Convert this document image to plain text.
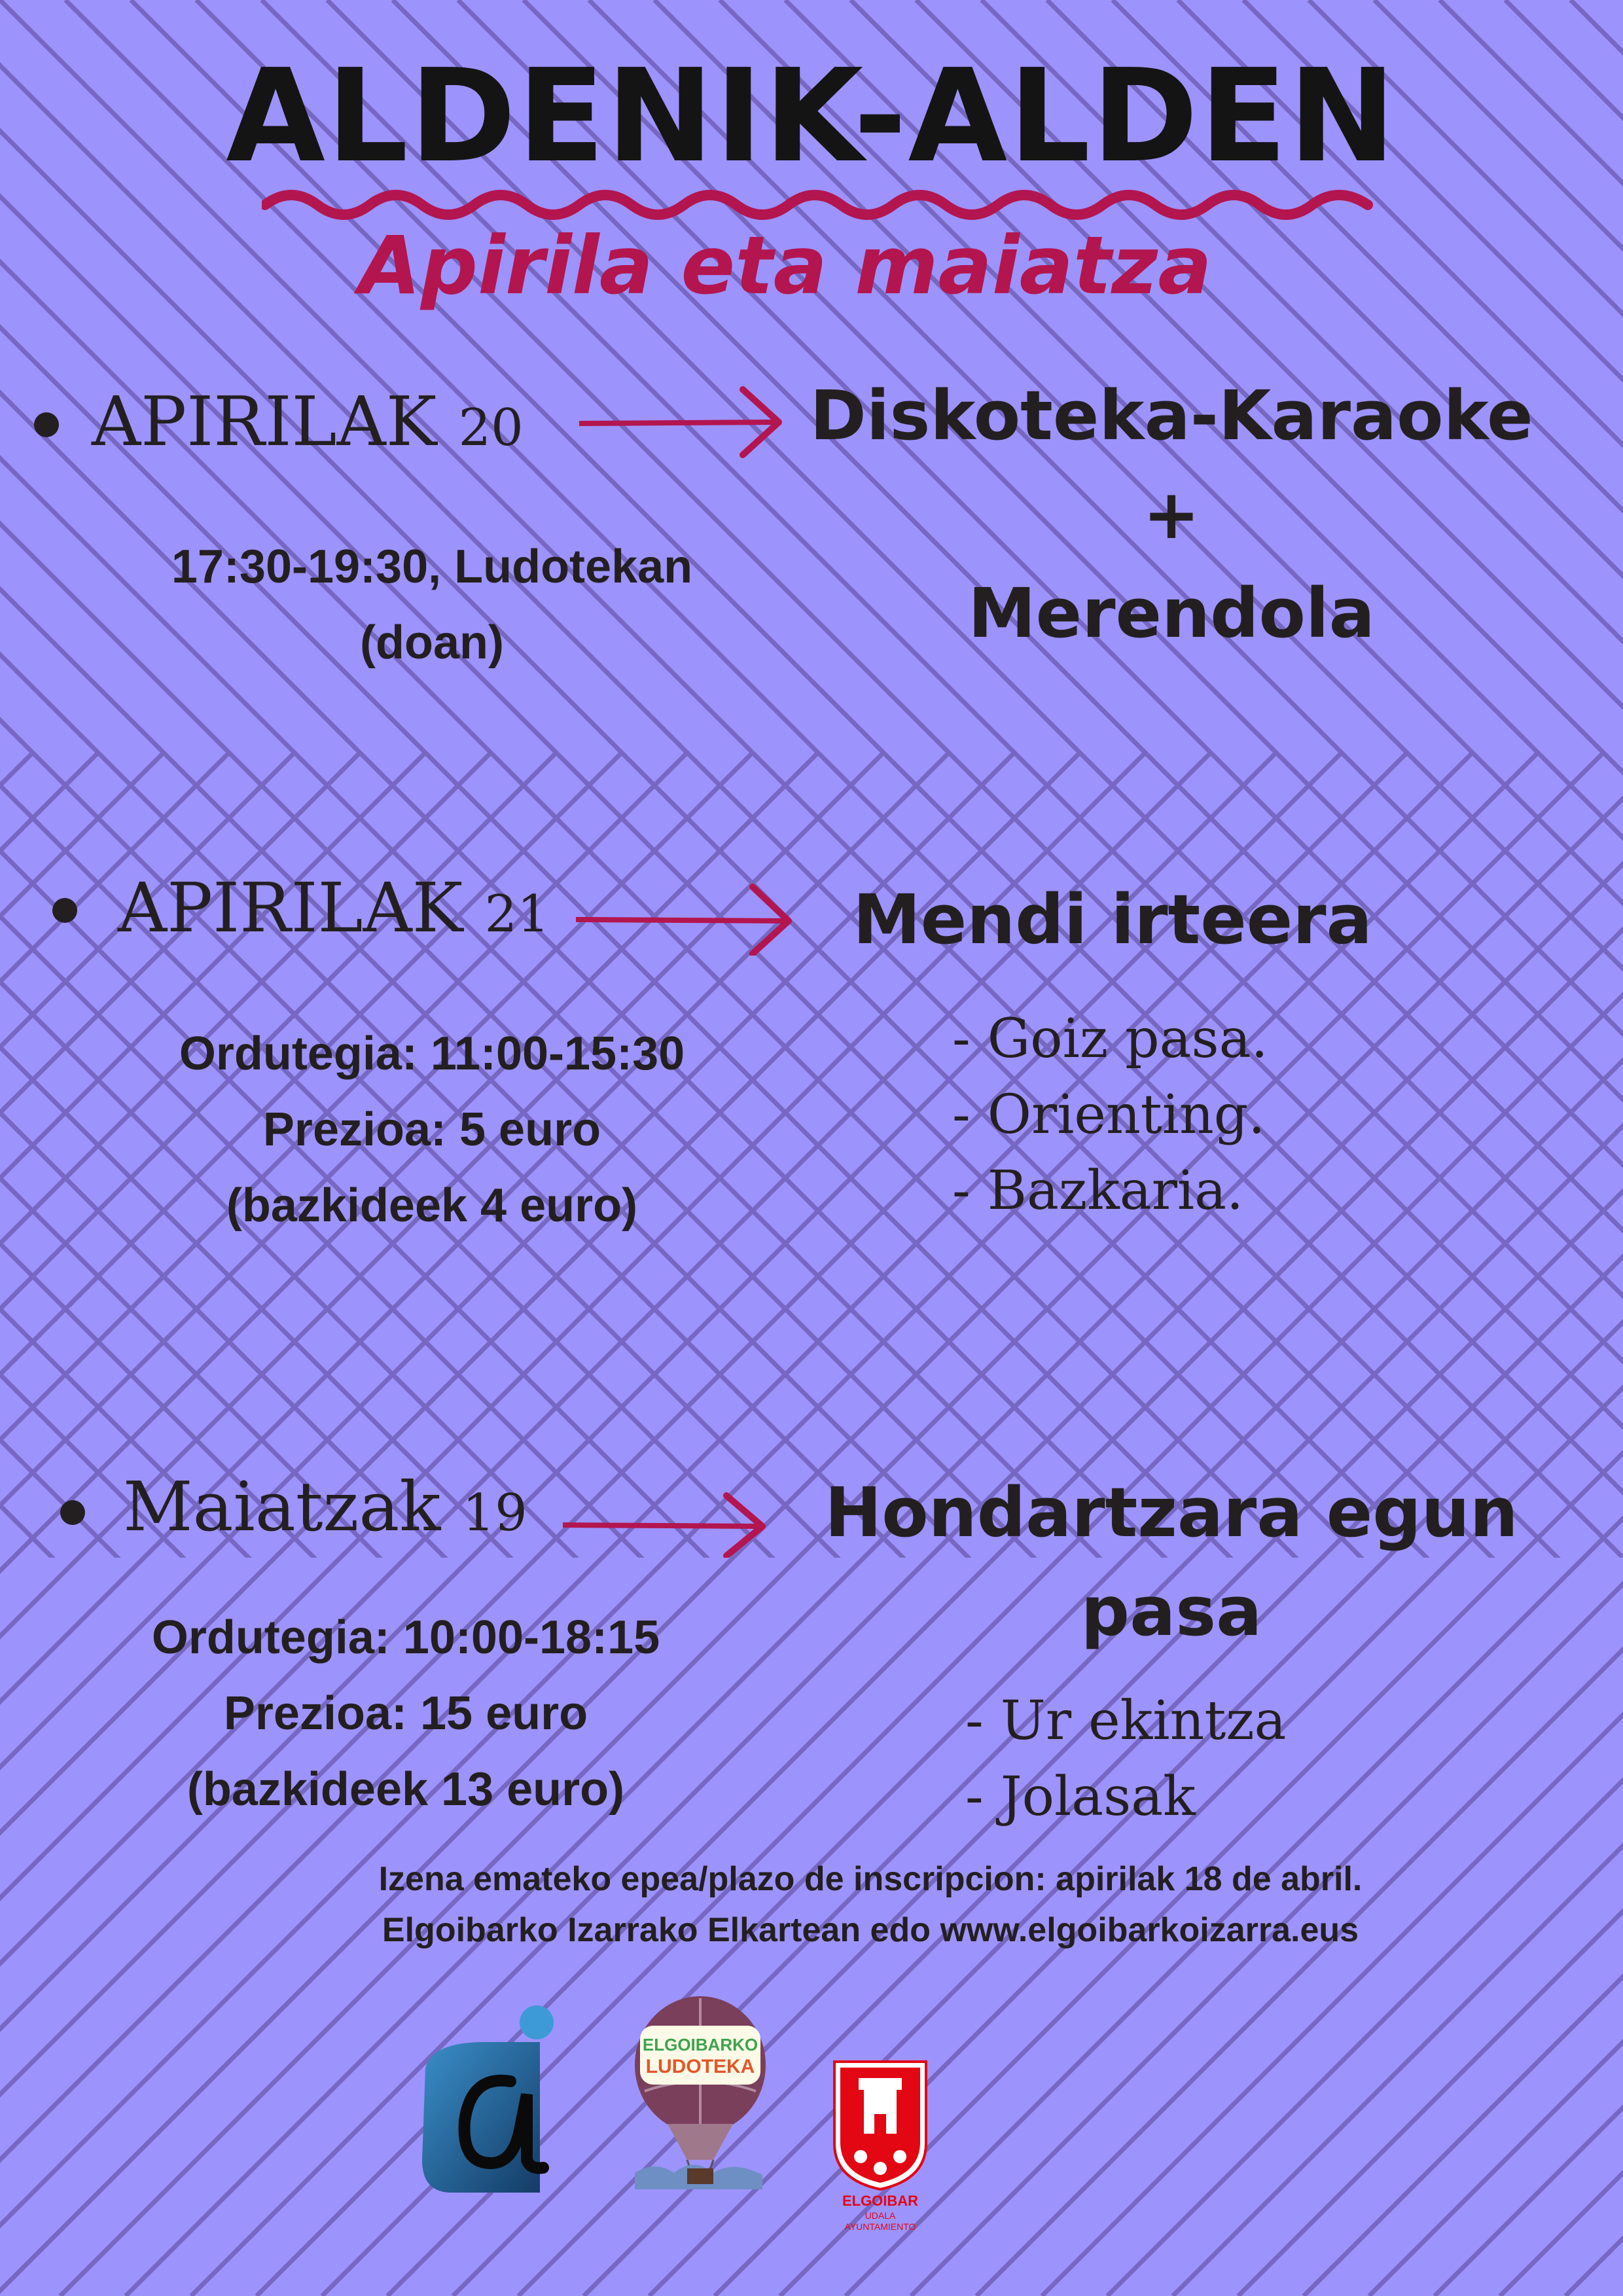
ALDENIK-ALDEN
Apirila eta maiatza
APIRILAK 20
17:30-19:30, Ludotekan
(doan)
Diskoteka-Karaoke
+
Merendola
APIRILAK 21
Ordutegia: 11:00-15:30
Prezioa: 5 euro
(bazkideek 4 euro)
Mendi irteera
- Goiz pasa.
- Orienting.
- Bazkaria.
Maiatzak 19
Ordutegia: 10:00-18:15
Prezioa: 15 euro
(bazkideek 13 euro)
Hondartzara egun
pasa
- Ur ekintza
- Jolasak
Izena emateko epea/plazo de inscripcion: apirilak 18 de abril.
Elgoibarko Izarrako Elkartean edo www.elgoibarkoizarra.eus
ELGOIBARKO
LUDOTEKA
ELGOIBAR
UDALA
AYUNTAMIENTO
